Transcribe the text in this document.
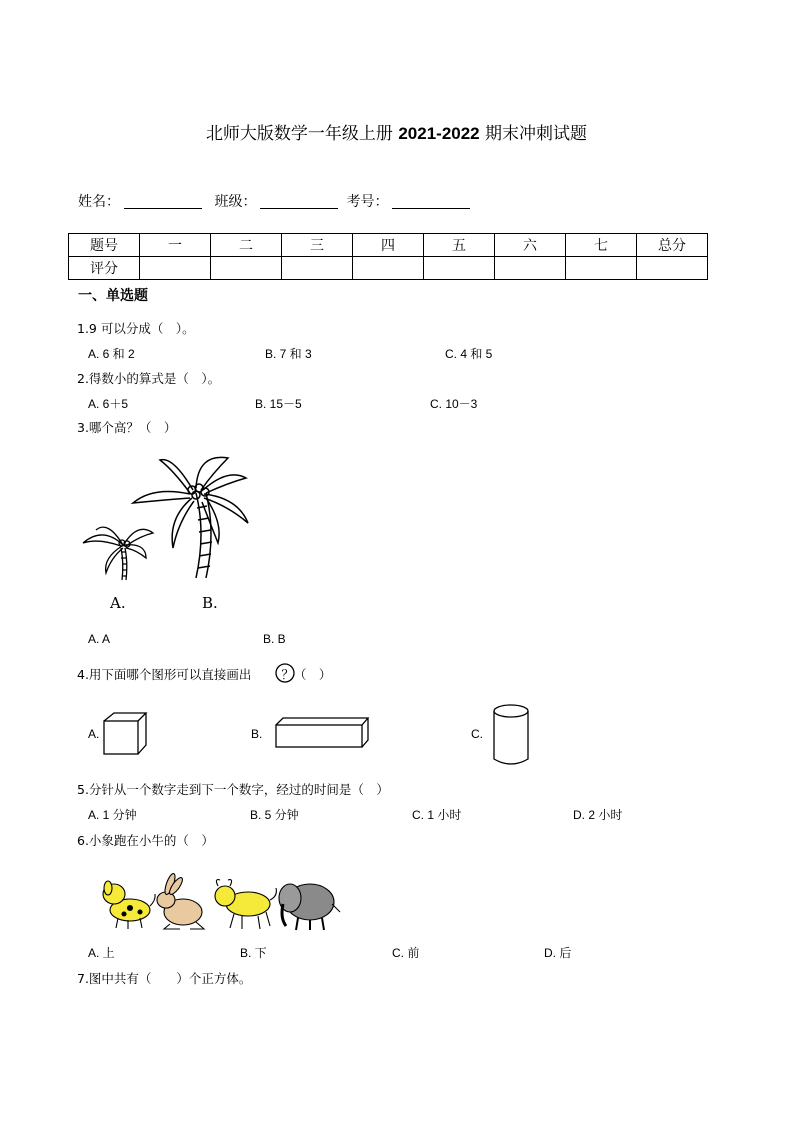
北师大版数学一年级上册 2021-2022 期末冲刺试题
姓名：	班级：	考号：
题号	一	二	三	四	五	六	七	总分
评分								
一、单选题
1.9 可以分成（　）。
A. 6 和 2	B. 7 和 3	C. 4 和 5
2.得数小的算式是（　）。
A. 6＋5	B. 15－5	C. 10－3
3.哪个高？（　）
A.	B.
A. A	B. B
4.用下面哪个图形可以直接画出 ？（　）
A.	B.	C.
5.分针从一个数字走到下一个数字，经过的时间是（　）
A. 1 分钟	B. 5 分钟	C. 1 小时	D. 2 小时
6.小象跑在小牛的（　）
A. 上	B. 下	C. 前	D. 后
7.图中共有（　　）个正方体。
